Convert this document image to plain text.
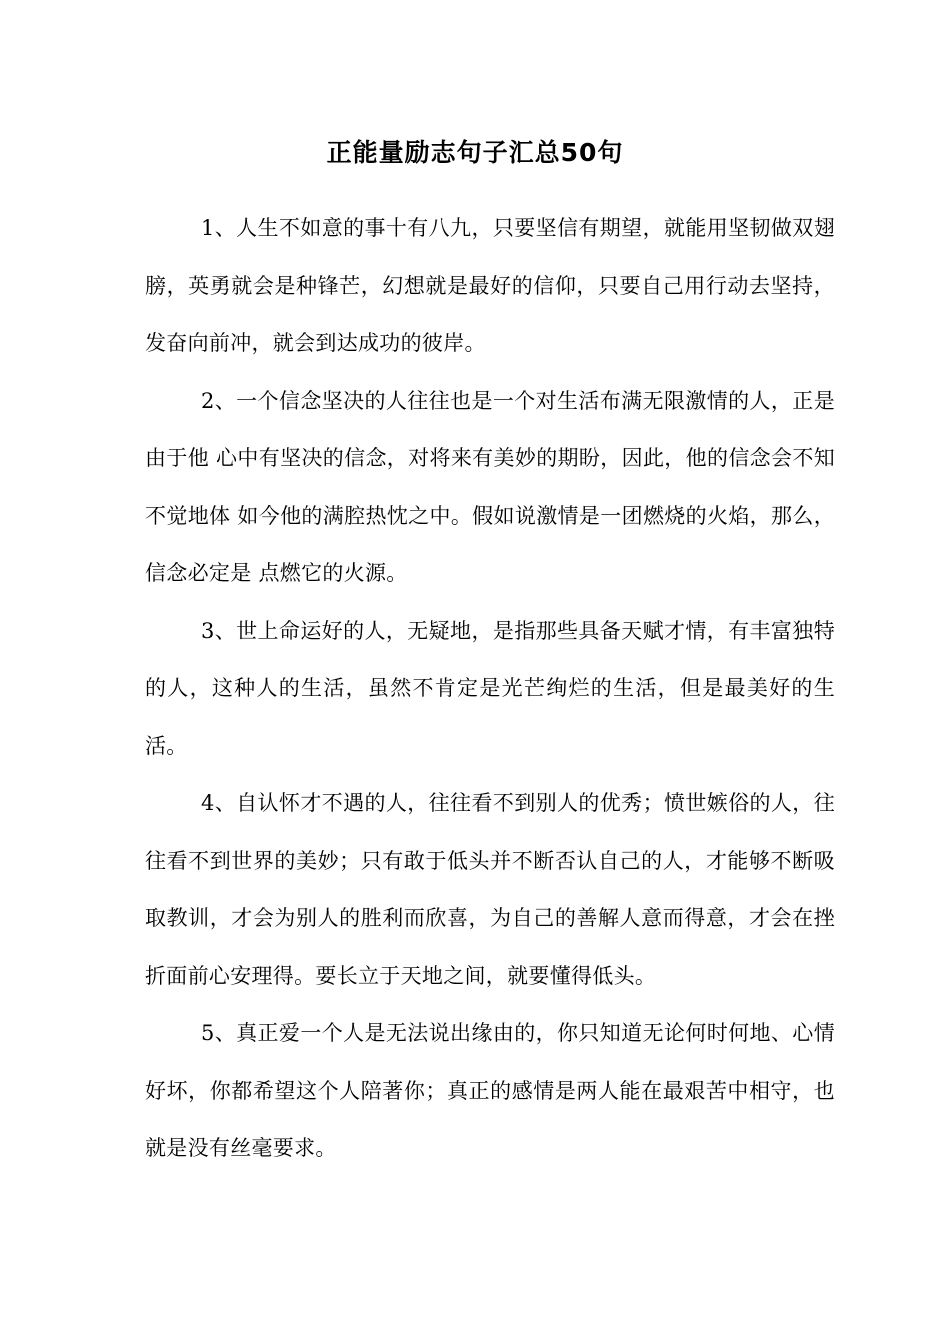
正能量励志句子汇总50句

1、人生不如意的事十有八九，只要坚信有期望，就能用坚韧做双翅膀，英勇就会是种锋芒，幻想就是最好的信仰，只要自己用行动去坚持，发奋向前冲，就会到达成功的彼岸。

2、一个信念坚决的人往往也是一个对生活布满无限激情的人，正是由于他 心中有坚决的信念，对将来有美妙的期盼，因此，他的信念会不知不觉地体 如今他的满腔热忱之中。假如说激情是一团燃烧的火焰，那么，信念必定是 点燃它的火源。

3、世上命运好的人，无疑地，是指那些具备天赋才情，有丰富独特的人，这种人的生活，虽然不肯定是光芒绚烂的生活，但是最美好的生活。

4、自认怀才不遇的人，往往看不到别人的优秀；愤世嫉俗的人，往往看不到世界的美妙；只有敢于低头并不断否认自己的人，才能够不断吸取教训，才会为别人的胜利而欣喜，为自己的善解人意而得意，才会在挫折面前心安理得。要长立于天地之间，就要懂得低头。

5、真正爱一个人是无法说出缘由的，你只知道无论何时何地、心情好坏，你都希望这个人陪著你；真正的感情是两人能在最艰苦中相守，也就是没有丝毫要求。
